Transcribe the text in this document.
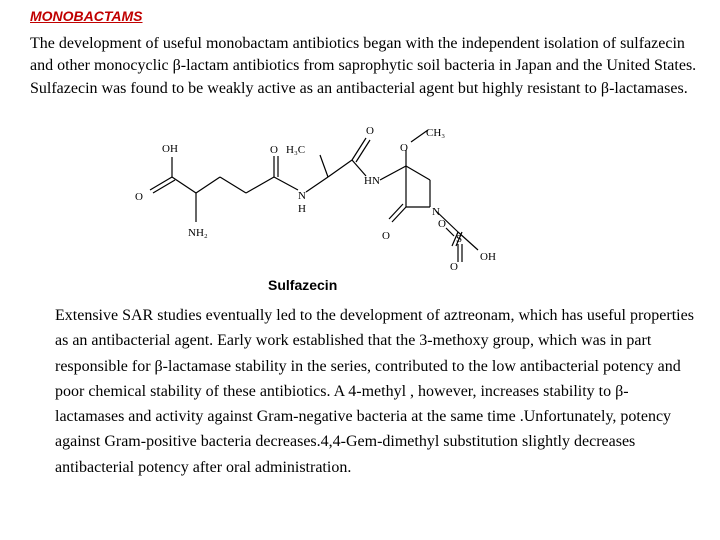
MONOBACTAMS

The development of useful monobactam antibiotics began with the independent isolation of sulfazecin and other monocyclic β-lactam antibiotics from saprophytic soil bacteria in Japan and the United States. Sulfazecin was found to be weakly active as an antibacterial agent but highly resistant to β-lactamases.

OH	O H₃C
O	CH₃
O
O
NH₂
N
H
HN
N
O	S
O
O
OH
Sulfazecin

Extensive SAR studies eventually led to the development of aztreonam, which has useful properties as an antibacterial agent. Early work established that the 3-methoxy group, which was in part responsible for β-lactamase stability in the series, contributed to the low antibacterial potency and poor chemical stability of these antibiotics. A 4-methyl , however, increases stability to β-lactamases and activity against Gram-negative bacteria at the same time .Unfortunately, potency against Gram-positive bacteria decreases.4,4-Gem-dimethyl substitution slightly decreases antibacterial potency after oral administration.
